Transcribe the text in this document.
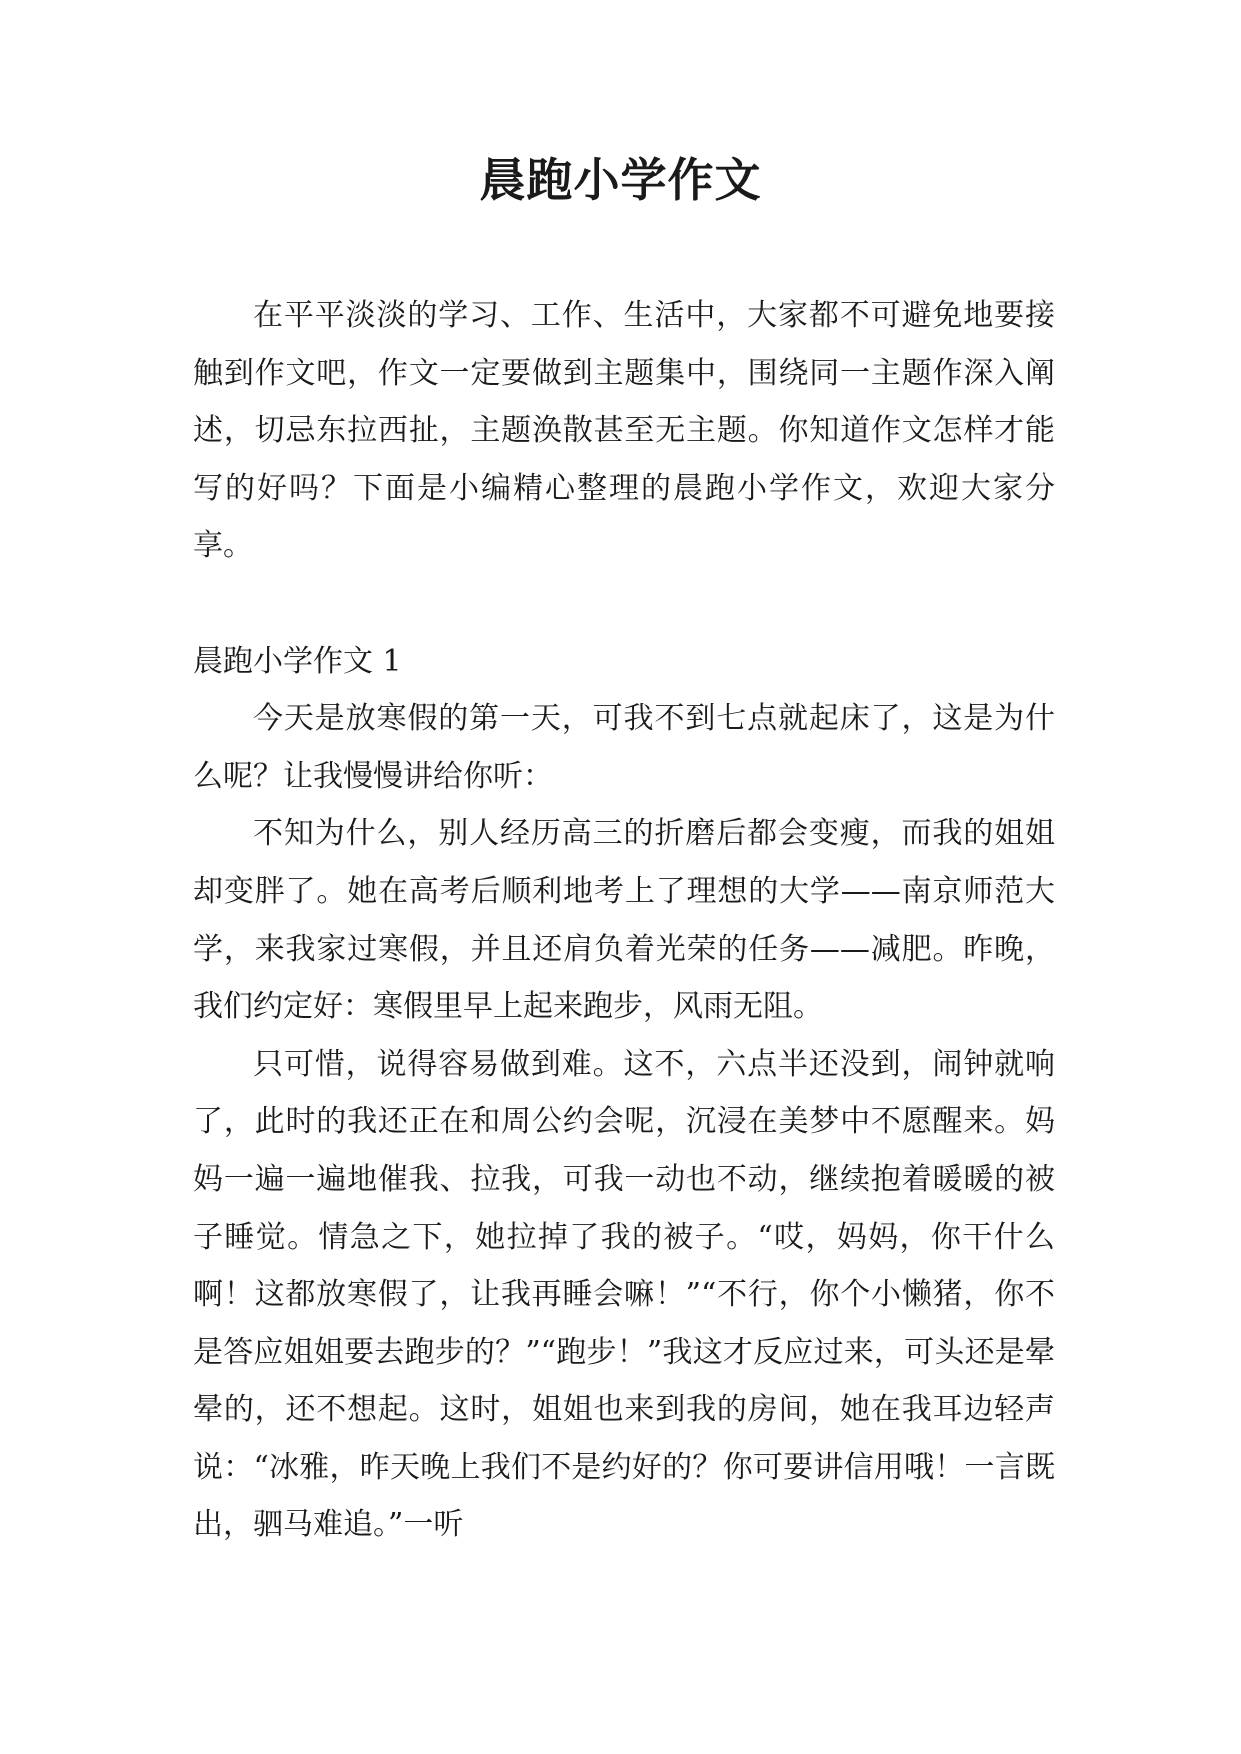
晨跑小学作文

在平平淡淡的学习、工作、生活中，大家都不可避免地要接触到作文吧，作文一定要做到主题集中，围绕同一主题作深入阐述，切忌东拉西扯，主题涣散甚至无主题。你知道作文怎样才能写的好吗？下面是小编精心整理的晨跑小学作文，欢迎大家分享。

晨跑小学作文 1

今天是放寒假的第一天，可我不到七点就起床了，这是为什么呢？让我慢慢讲给你听：

不知为什么，别人经历高三的折磨后都会变瘦，而我的姐姐却变胖了。她在高考后顺利地考上了理想的大学——南京师范大学，来我家过寒假，并且还肩负着光荣的任务——减肥。昨晚，我们约定好：寒假里早上起来跑步，风雨无阻。

只可惜，说得容易做到难。这不，六点半还没到，闹钟就响了，此时的我还正在和周公约会呢，沉浸在美梦中不愿醒来。妈妈一遍一遍地催我、拉我，可我一动也不动，继续抱着暖暖的被子睡觉。情急之下，她拉掉了我的被子。“哎，妈妈，你干什么啊！这都放寒假了，让我再睡会嘛！”“不行，你个小懒猪，你不是答应姐姐要去跑步的？”“跑步！”我这才反应过来，可头还是晕晕的，还不想起。这时，姐姐也来到我的房间，她在我耳边轻声说：“冰雅，昨天晚上我们不是约好的？你可要讲信用哦！一言既出，驷马难追。”一听
